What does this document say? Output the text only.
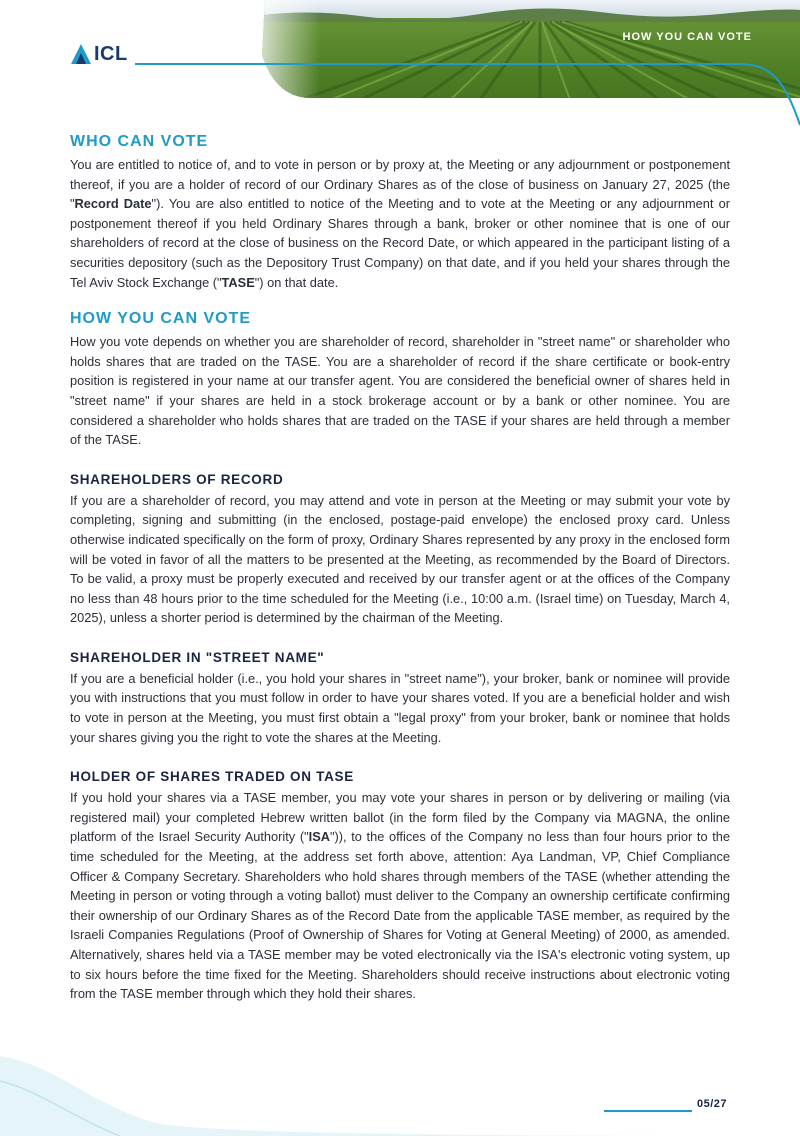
ICL
HOW YOU CAN VOTE
WHO CAN VOTE

You are entitled to notice of, and to vote in person or by proxy at, the Meeting or any adjournment or postponement thereof, if you are a holder of record of our Ordinary Shares as of the close of business on January 27, 2025 (the "Record Date"). You are also entitled to notice of the Meeting and to vote at the Meeting or any adjournment or postponement thereof if you held Ordinary Shares through a bank, broker or other nominee that is one of our shareholders of record at the close of business on the Record Date, or which appeared in the participant listing of a securities depository (such as the Depository Trust Company) on that date, and if you held your shares through the Tel Aviv Stock Exchange ("TASE") on that date.

HOW YOU CAN VOTE

How you vote depends on whether you are shareholder of record, shareholder in "street name" or shareholder who holds shares that are traded on the TASE. You are a shareholder of record if the share certificate or book-entry position is registered in your name at our transfer agent. You are considered the beneficial owner of shares held in "street name" if your shares are held in a stock brokerage account or by a bank or other nominee. You are considered a shareholder who holds shares that are traded on the TASE if your shares are held through a member of the TASE.

SHAREHOLDERS OF RECORD

If you are a shareholder of record, you may attend and vote in person at the Meeting or may submit your vote by completing, signing and submitting (in the enclosed, postage-paid envelope) the enclosed proxy card. Unless otherwise indicated specifically on the form of proxy, Ordinary Shares represented by any proxy in the enclosed form will be voted in favor of all the matters to be presented at the Meeting, as recommended by the Board of Directors. To be valid, a proxy must be properly executed and received by our transfer agent or at the offices of the Company no less than 48 hours prior to the time scheduled for the Meeting (i.e., 10:00 a.m. (Israel time) on Tuesday, March 4, 2025), unless a shorter period is determined by the chairman of the Meeting.

SHAREHOLDER IN "STREET NAME"

If you are a beneficial holder (i.e., you hold your shares in "street name"), your broker, bank or nominee will provide you with instructions that you must follow in order to have your shares voted. If you are a beneficial holder and wish to vote in person at the Meeting, you must first obtain a "legal proxy" from your broker, bank or nominee that holds your shares giving you the right to vote the shares at the Meeting.

HOLDER OF SHARES TRADED ON TASE

If you hold your shares via a TASE member, you may vote your shares in person or by delivering or mailing (via registered mail) your completed Hebrew written ballot (in the form filed by the Company via MAGNA, the online platform of the Israel Security Authority ("ISA")), to the offices of the Company no less than four hours prior to the time scheduled for the Meeting, at the address set forth above, attention: Aya Landman, VP, Chief Compliance Officer & Company Secretary. Shareholders who hold shares through members of the TASE (whether attending the Meeting in person or voting through a voting ballot) must deliver to the Company an ownership certificate confirming their ownership of our Ordinary Shares as of the Record Date from the applicable TASE member, as required by the Israeli Companies Regulations (Proof of Ownership of Shares for Voting at General Meeting) of 2000, as amended. Alternatively, shares held via a TASE member may be voted electronically via the ISA's electronic voting system, up to six hours before the time fixed for the Meeting. Shareholders should receive instructions about electronic voting from the TASE member through which they hold their shares.

05/27
